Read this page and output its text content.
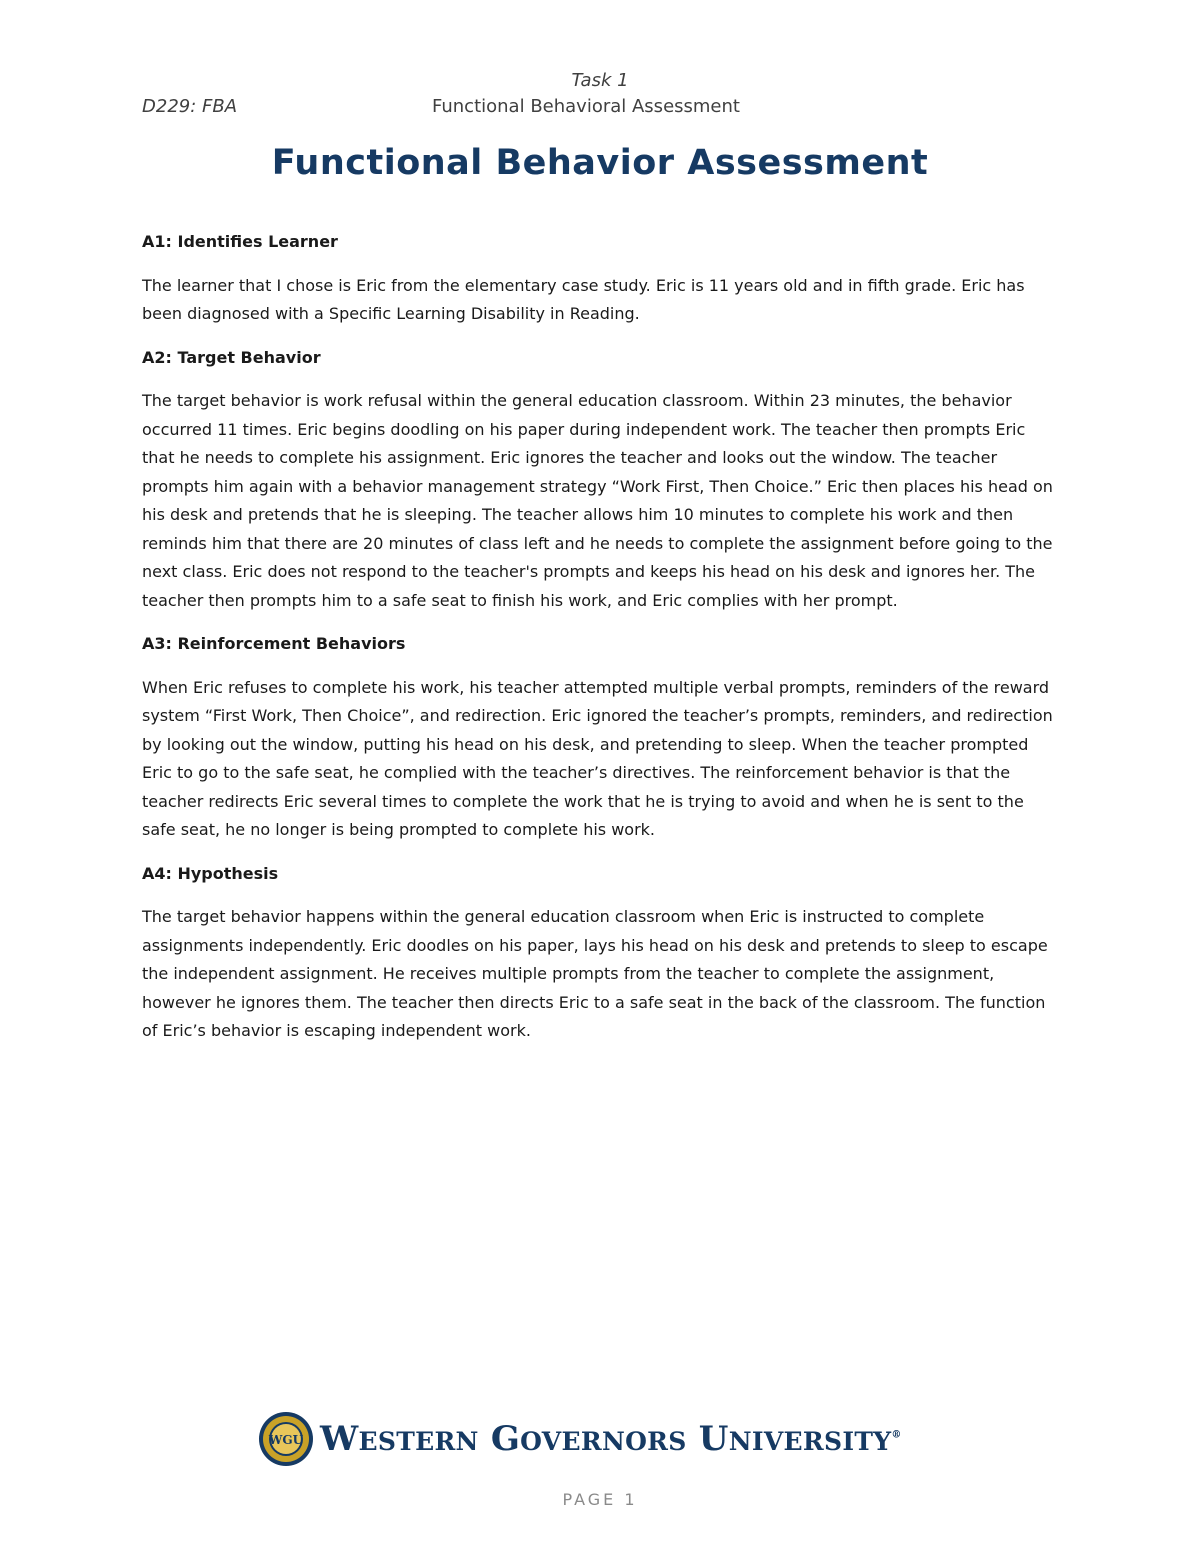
Task 1
D229: FBA	Functional Behavioral Assessment
Functional Behavior Assessment

A1: Identifies Learner

The learner that I chose is Eric from the elementary case study. Eric is 11 years old and in fifth grade. Eric has been diagnosed with a Specific Learning Disability in Reading.

A2: Target Behavior

The target behavior is work refusal within the general education classroom. Within 23 minutes, the behavior occurred 11 times. Eric begins doodling on his paper during independent work. The teacher then prompts Eric that he needs to complete his assignment. Eric ignores the teacher and looks out the window. The teacher prompts him again with a behavior management strategy “Work First, Then Choice.” Eric then places his head on his desk and pretends that he is sleeping. The teacher allows him 10 minutes to complete his work and then reminds him that there are 20 minutes of class left and he needs to complete the assignment before going to the next class. Eric does not respond to the teacher's prompts and keeps his head on his desk and ignores her. The teacher then prompts him to a safe seat to finish his work, and Eric complies with her prompt.

A3: Reinforcement Behaviors

When Eric refuses to complete his work, his teacher attempted multiple verbal prompts, reminders of the reward system “First Work, Then Choice”, and redirection. Eric ignored the teacher’s prompts, reminders, and redirection by looking out the window, putting his head on his desk, and pretending to sleep. When the teacher prompted Eric to go to the safe seat, he complied with the teacher’s directives. The reinforcement behavior is that the teacher redirects Eric several times to complete the work that he is trying to avoid and when he is sent to the safe seat, he no longer is being prompted to complete his work.

A4: Hypothesis

The target behavior happens within the general education classroom when Eric is instructed to complete assignments independently. Eric doodles on his paper, lays his head on his desk and pretends to sleep to escape the independent assignment. He receives multiple prompts from the teacher to complete the assignment, however he ignores them. The teacher then directs Eric to a safe seat in the back of the classroom. The function of Eric’s behavior is escaping independent work.

WGU WESTERN GOVERNORS UNIVERSITY®
PAGE 1
